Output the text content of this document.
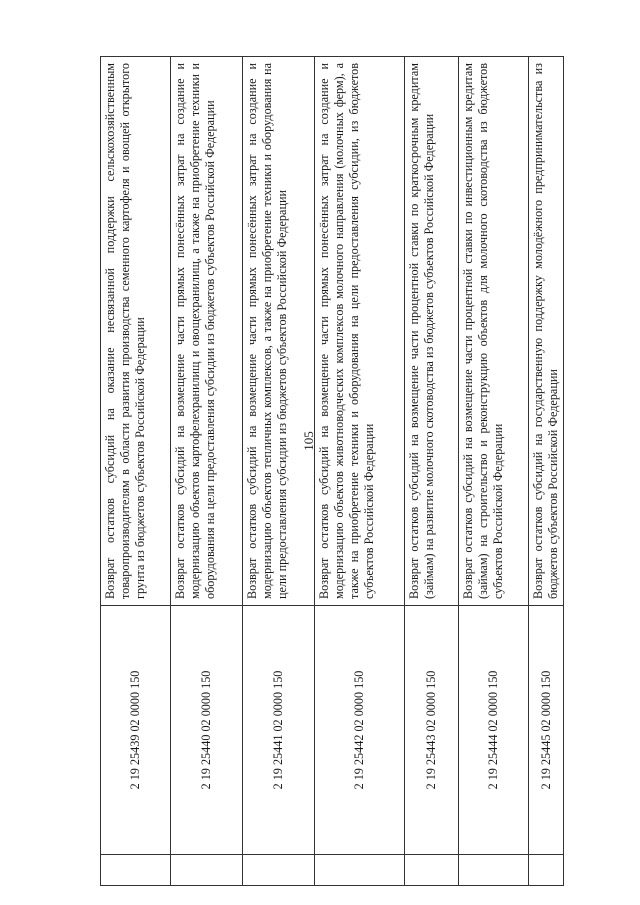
105
	2 19 25439 02 0000 150	Возврат остатков субсидий на оказание несвязанной поддержки сельскохозяйственным товаропроизводителям в области развития производства семенного картофеля и овощей открытого грунта из бюджетов субъектов Российской Федерации
	2 19 25440 02 0000 150	Возврат остатков субсидий на возмещение части прямых понесённых затрат на создание и модернизацию объектов картофелехранилищ и овощехранилищ, а также на приобретение техники и оборудования на цели предоставления субсидии из бюджетов субъектов Российской Федерации
	2 19 25441 02 0000 150	Возврат остатков субсидий на возмещение части прямых понесённых затрат на создание и модернизацию объектов тепличных комплексов, а также на приобретение техники и оборудования на цели предоставления субсидии из бюджетов субъектов Российской Федерации
	2 19 25442 02 0000 150	Возврат остатков субсидий на возмещение части прямых понесённых затрат на создание и модернизацию объектов животноводческих комплексов молочного направления (молочных ферм), а также на приобретение техники и оборудования на цели предоставления субсидии, из бюджетов субъектов Российской Федерации
	2 19 25443 02 0000 150	Возврат остатков субсидий на возмещение части процентной ставки по краткосрочным кредитам (займам) на развитие молочного скотоводства из бюджетов субъектов Российской Федерации
	2 19 25444 02 0000 150	Возврат остатков субсидий на возмещение части процентной ставки по инвестиционным кредитам (займам) на строительство и реконструкцию объектов для молочного скотоводства из бюджетов субъектов Российской Федерации
	2 19 25445 02 0000 150	Возврат остатков субсидий на государственную поддержку молодёжного предпринимательства из бюджетов субъектов Российской Федерации
